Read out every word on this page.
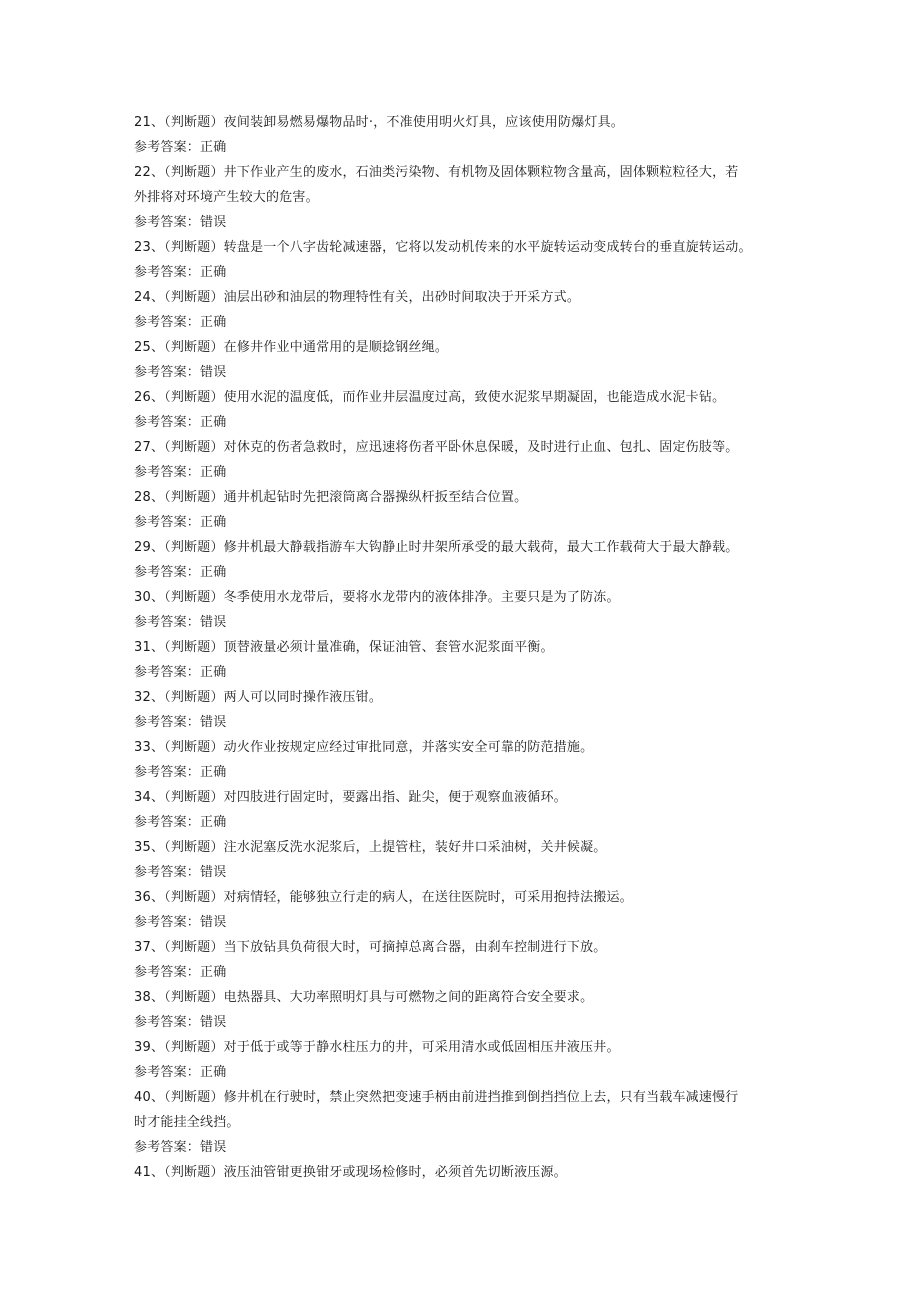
21、（判断题）夜间装卸易燃易爆物品时·，不准使用明火灯具，应该使用防爆灯具。
参考答案：正确
22、（判断题）井下作业产生的废水，石油类污染物、有机物及固体颗粒物含量高，固体颗粒粒径大，若
外排将对环境产生较大的危害。
参考答案：错误
23、（判断题）转盘是一个八字齿轮减速器，它将以发动机传来的水平旋转运动变成转台的垂直旋转运动。
参考答案：正确
24、（判断题）油层出砂和油层的物理特性有关，出砂时间取决于开采方式。
参考答案：正确
25、（判断题）在修井作业中通常用的是顺捻钢丝绳。
参考答案：错误
26、（判断题）使用水泥的温度低，而作业井层温度过高，致使水泥浆早期凝固，也能造成水泥卡钻。
参考答案：正确
27、（判断题）对休克的伤者急救时，应迅速将伤者平卧休息保暖，及时进行止血、包扎、固定伤肢等。
参考答案：正确
28、（判断题）通井机起钻时先把滚筒离合器操纵杆扳至结合位置。
参考答案：正确
29、（判断题）修井机最大静载指游车大钩静止时井架所承受的最大载荷，最大工作载荷大于最大静载。
参考答案：正确
30、（判断题）冬季使用水龙带后，要将水龙带内的液体排净。主要只是为了防冻。
参考答案：错误
31、（判断题）顶替液量必须计量准确，保证油管、套管水泥浆面平衡。
参考答案：正确
32、（判断题）两人可以同时操作液压钳。
参考答案：错误
33、（判断题）动火作业按规定应经过审批同意，并落实安全可靠的防范措施。
参考答案：正确
34、（判断题）对四肢进行固定时，要露出指、趾尖，便于观察血液循环。
参考答案：正确
35、（判断题）注水泥塞反洗水泥浆后，上提管柱，装好井口采油树，关井候凝。
参考答案：错误
36、（判断题）对病情轻，能够独立行走的病人，在送往医院时，可采用抱持法搬运。
参考答案：错误
37、（判断题）当下放钻具负荷很大时，可摘掉总离合器，由刹车控制进行下放。
参考答案：正确
38、（判断题）电热器具、大功率照明灯具与可燃物之间的距离符合安全要求。
参考答案：错误
39、（判断题）对于低于或等于静水柱压力的井，可采用清水或低固相压井液压井。
参考答案：正确
40、（判断题）修井机在行驶时，禁止突然把变速手柄由前进挡推到倒挡挡位上去，只有当载车减速慢行
时才能挂全线挡。
参考答案：错误
41、（判断题）液压油管钳更换钳牙或现场检修时，必须首先切断液压源。
